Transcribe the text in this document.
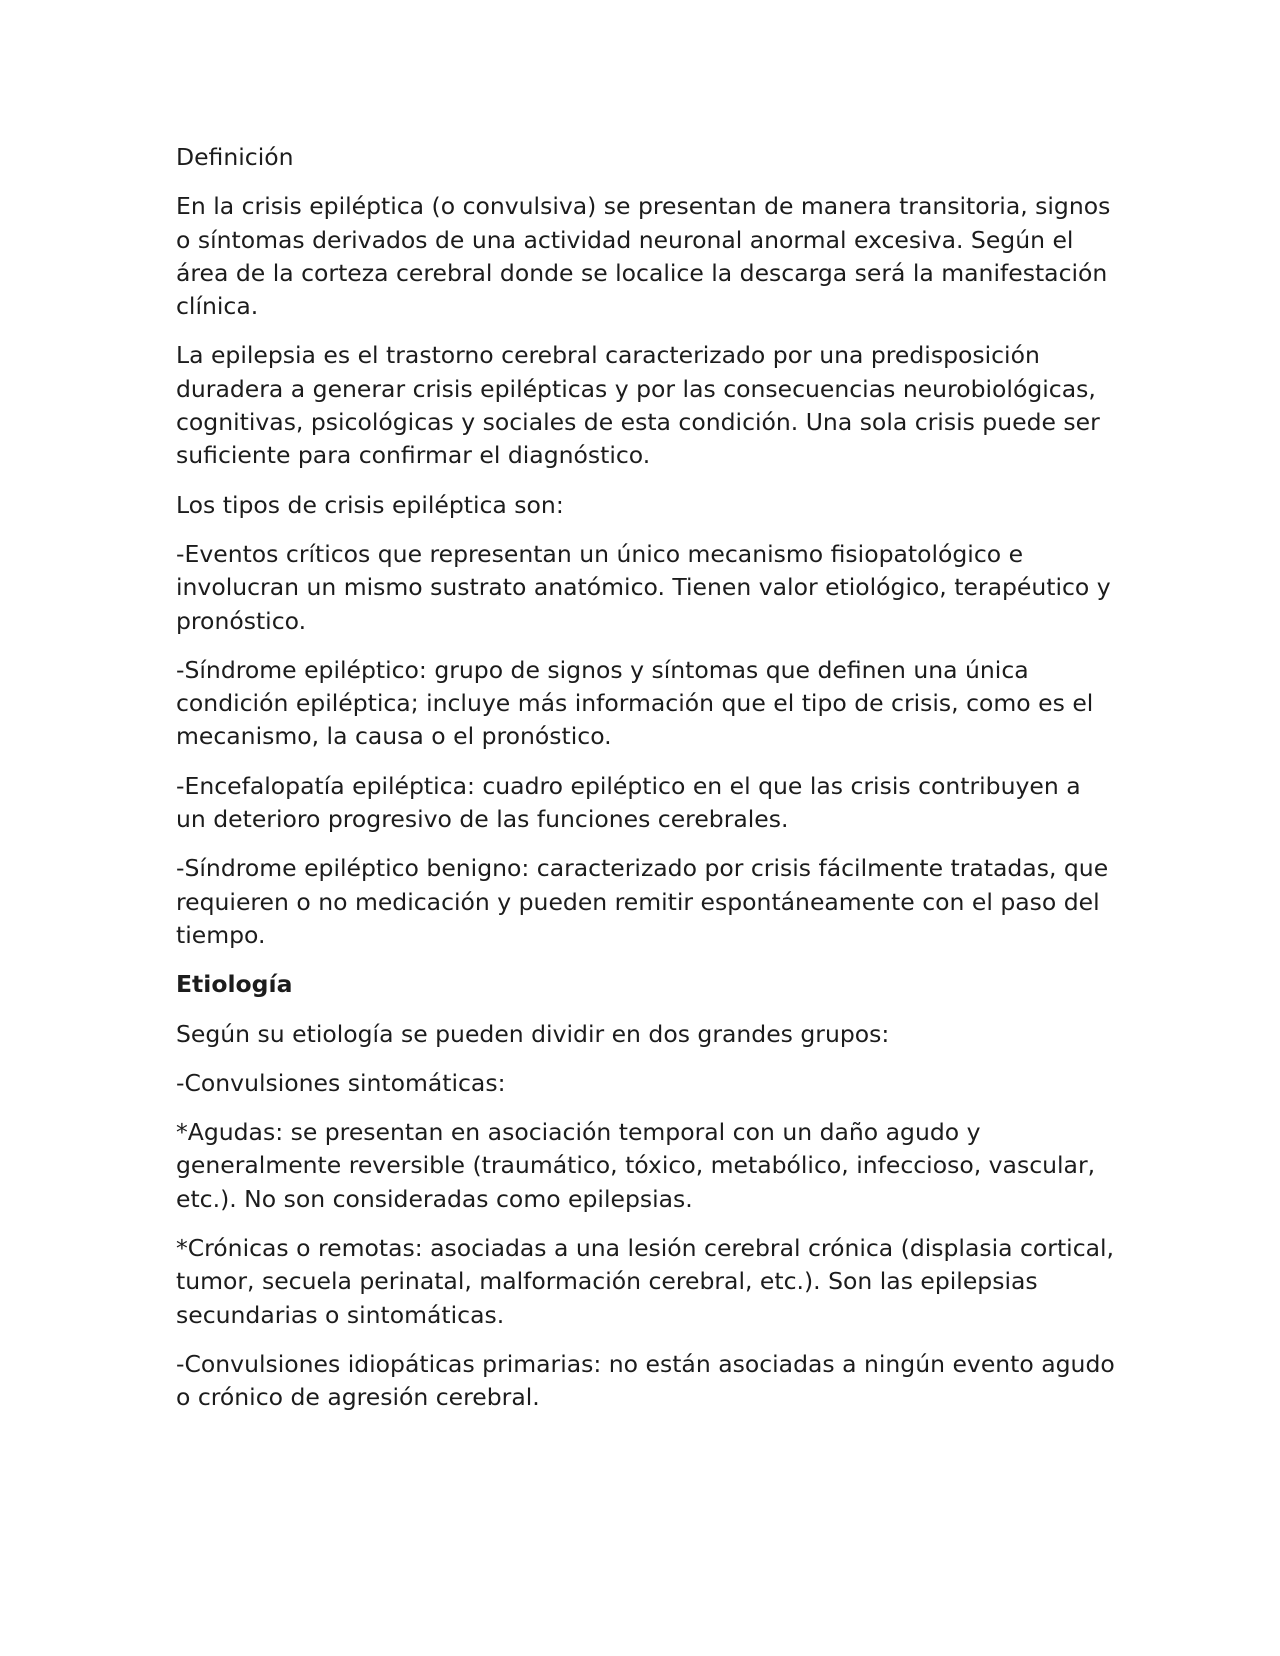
Definición

En la crisis epiléptica (o convulsiva) se presentan de manera transitoria, signos o síntomas derivados de una actividad neuronal anormal excesiva. Según el área de la corteza cerebral donde se localice la descarga será la manifestación clínica.

La epilepsia es el trastorno cerebral caracterizado por una predisposición duradera a generar crisis epilépticas y por las consecuencias neurobiológicas, cognitivas, psicológicas y sociales de esta condición. Una sola crisis puede ser suficiente para confirmar el diagnóstico.

Los tipos de crisis epiléptica son:

-Eventos críticos que representan un único mecanismo fisiopatológico e involucran un mismo sustrato anatómico. Tienen valor etiológico, terapéutico y pronóstico.

-Síndrome epiléptico: grupo de signos y síntomas que definen una única condición epiléptica; incluye más información que el tipo de crisis, como es el mecanismo, la causa o el pronóstico.

-Encefalopatía epiléptica: cuadro epiléptico en el que las crisis contribuyen a un deterioro progresivo de las funciones cerebrales.

-Síndrome epiléptico benigno: caracterizado por crisis fácilmente tratadas, que requieren o no medicación y pueden remitir espontáneamente con el paso del tiempo.

Etiología

Según su etiología se pueden dividir en dos grandes grupos:

-Convulsiones sintomáticas:

*Agudas: se presentan en asociación temporal con un daño agudo y generalmente reversible (traumático, tóxico, metabólico, infeccioso, vascular, etc.). No son consideradas como epilepsias.

*Crónicas o remotas: asociadas a una lesión cerebral crónica (displasia cortical, tumor, secuela perinatal, malformación cerebral, etc.). Son las epilepsias secundarias o sintomáticas.

-Convulsiones idiopáticas primarias: no están asociadas a ningún evento agudo o crónico de agresión cerebral.
